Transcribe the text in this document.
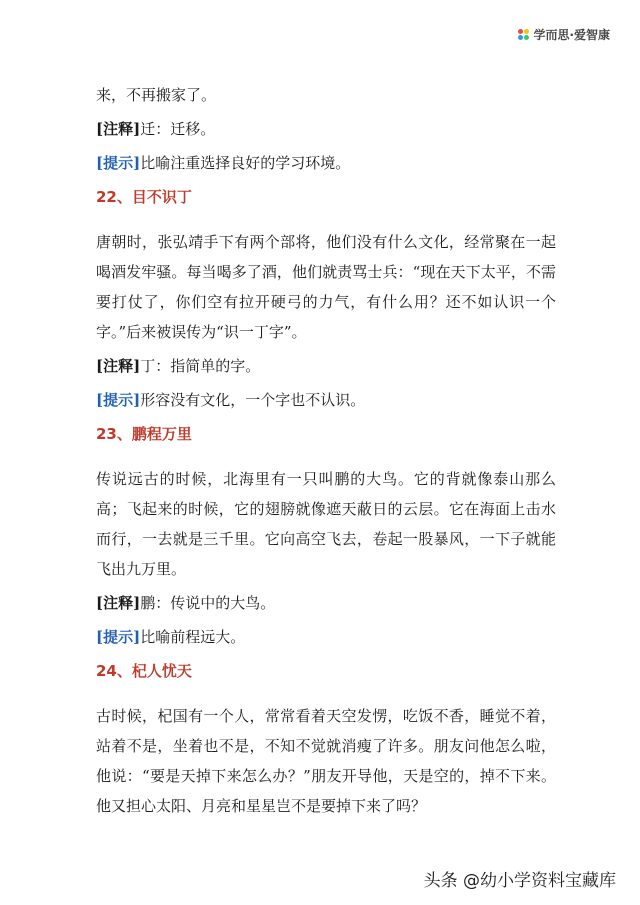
学而思·爱智康

来，不再搬家了。

[注释]迁：迁移。

[提示]比喻注重选择良好的学习环境。

22、目不识丁

唐朝时，张弘靖手下有两个部将，他们没有什么文化，经常聚在一起喝酒发牢骚。每当喝多了酒，他们就责骂士兵：“现在天下太平，不需要打仗了，你们空有拉开硬弓的力气，有什么用？还不如认识一个字。”后来被误传为“识一丁字”。

[注释]丁：指简单的字。

[提示]形容没有文化，一个字也不认识。

23、鹏程万里

传说远古的时候，北海里有一只叫鹏的大鸟。它的背就像泰山那么高；飞起来的时候，它的翅膀就像遮天蔽日的云层。它在海面上击水而行，一去就是三千里。它向高空飞去，卷起一股暴风，一下子就能飞出九万里。

[注释]鹏：传说中的大鸟。

[提示]比喻前程远大。

24、杞人忧天

古时候，杞国有一个人，常常看着天空发愣，吃饭不香，睡觉不着，站着不是，坐着也不是，不知不觉就消瘦了许多。朋友问他怎么啦，他说：“要是天掉下来怎么办？”朋友开导他，天是空的，掉不下来。他又担心太阳、月亮和星星岂不是要掉下来了吗？

头条 @幼小学资料宝藏库
